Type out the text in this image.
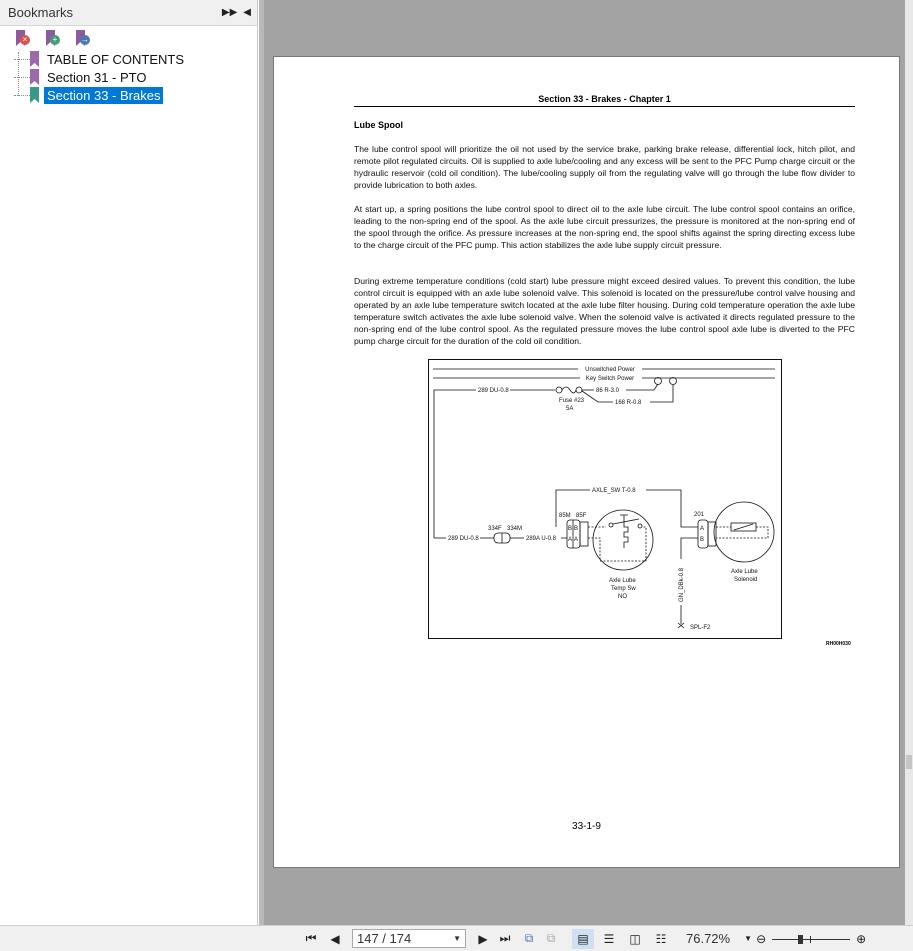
Bookmarks	▶▶ ◀
×	+	→
TABLE OF CONTENTS
Section 31 - PTO
Section 33 - Brakes	Section 33 - Brakes - Chapter 1
Lube Spool
The lube control spool will prioritize the oil not used by the service brake, parking brake release, differential lock, hitch pilot, and remote pilot regulated circuits. Oil is supplied to axle lube/cooling and any excess will be sent to the PFC Pump charge circuit or the hydraulic reservoir (cold oil condition). The lube/cooling supply oil from the regulating valve will go through the lube flow divider to provide lubrication to both axles.
At start up, a spring positions the lube control spool to direct oil to the axle lube circuit. The lube control spool contains an orifice, leading to the non-spring end of the spool. As the axle lube circuit pressurizes, the pressure is monitored at the non-spring end of the spool through the orifice. As pressure increases at the non-spring end, the spool shifts against the spring directing excess lube to the charge circuit of the PFC pump. This action stabilizes the axle lube supply circuit pressure.
During extreme temperature conditions (cold start) lube pressure might exceed desired values. To prevent this condition, the lube control circuit is equipped with an axle lube solenoid valve. This solenoid is located on the pressure/lube control valve housing and operated by an axle lube temperature switch located at the axle lube filter housing. During cold temperature operation the axle lube temperature switch activates the axle lube solenoid valve. When the solenoid valve is activated it directs regulated pressure to the non-spring end of the lube control spool. As the regulated pressure moves the lube control spool axle lube is diverted to the PFC pump charge circuit for the duration of the cold oil condition.
Unswitched Power
Key Switch Power
289 DU-0.8
Fuse #23
5A
86 R-3.0
168 R-0.8
AXLE_SW T-0.8
85M 85F
B B
A A
Axle Lube
Temp Sw
NO
334F 334M
289 DU-0.8	289A U-0.8
201
A
B
Axle Lube
Solenoid
GN_DBk-0.8
SPL-F2
RH00H030
33-1-9
⏮	◀	147 / 174	▼	▶ ⏭	⧉	⧉	▤	☰	◫	☷	76.72% ▼ ⊖	⊕
